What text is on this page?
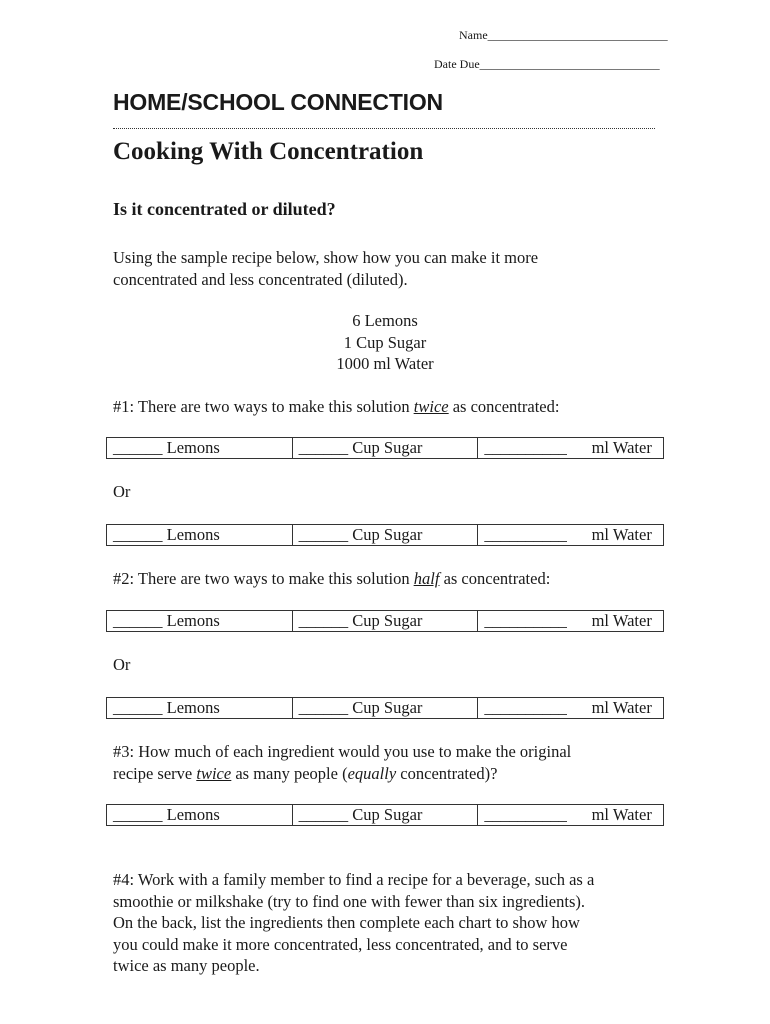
Name______________________________
Date Due______________________________
HOME/SCHOOL CONNECTION
Cooking With Concentration
Is it concentrated or diluted?
Using the sample recipe below, show how you can make it more
concentrated and less concentrated (diluted).
6 Lemons
1 Cup Sugar
1000 ml Water
#1: There are two ways to make this solution twice as concentrated:
______ Lemons	______ Cup Sugar	__________      ml Water
Or
______ Lemons	______ Cup Sugar	__________      ml Water
#2: There are two ways to make this solution half as concentrated:
______ Lemons	______ Cup Sugar	__________      ml Water
Or
______ Lemons	______ Cup Sugar	__________      ml Water
#3: How much of each ingredient would you use to make the original
recipe serve twice as many people (equally concentrated)?
______ Lemons	______ Cup Sugar	__________      ml Water
#4: Work with a family member to find a recipe for a beverage, such as a
smoothie or milkshake (try to find one with fewer than six ingredients).
On the back, list the ingredients then complete each chart to show how
you could make it more concentrated, less concentrated, and to serve
twice as many people.
